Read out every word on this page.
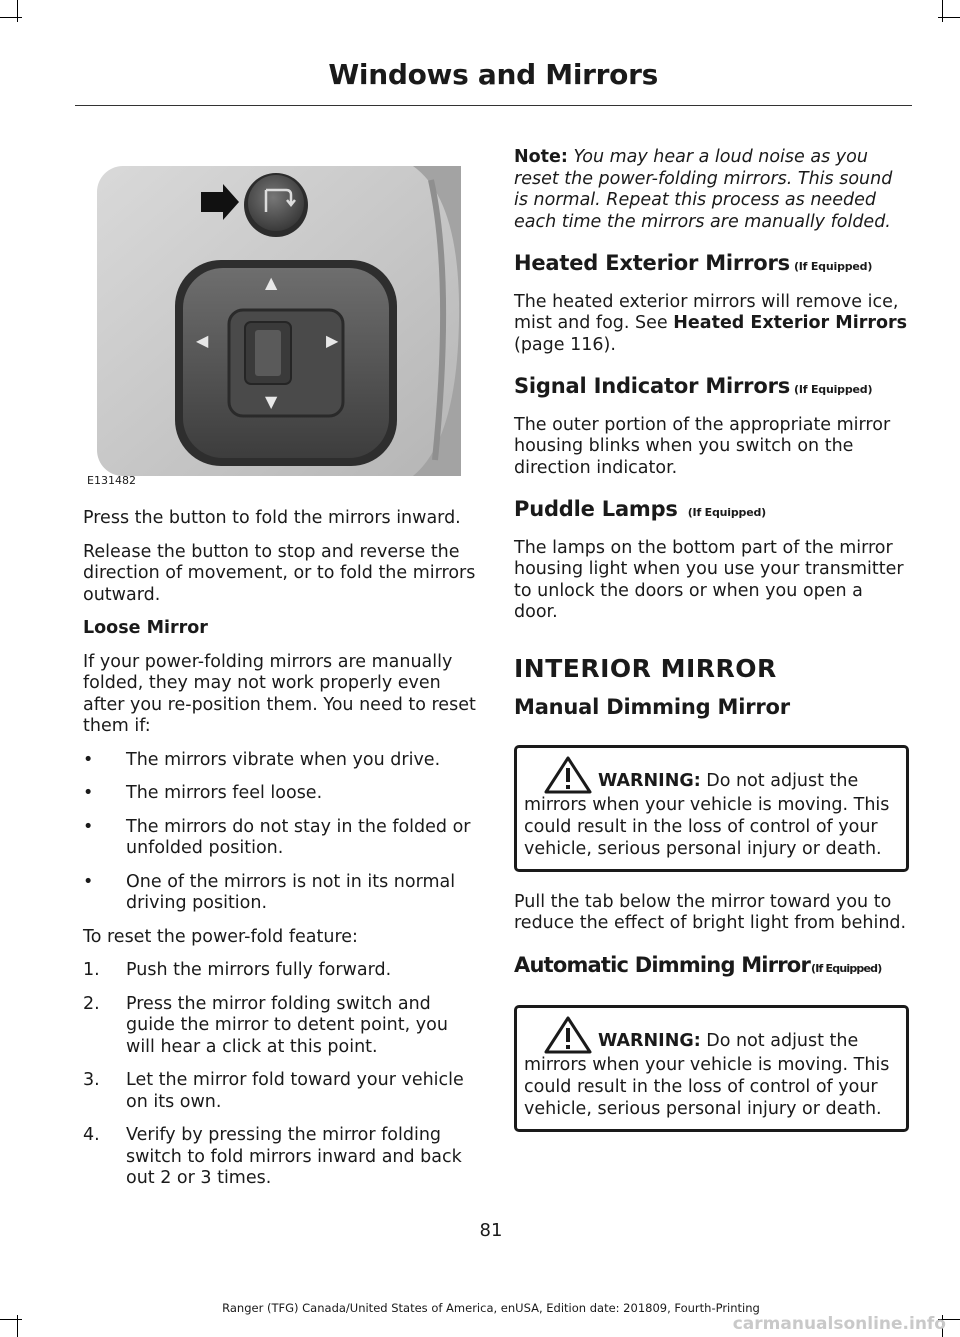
Windows and Mirrors
▲
▼
◀	▶
E131482

Press the button to fold the mirrors inward.

Release the button to stop and reverse the direction of movement, or to fold the mirrors outward.

Loose Mirror

If your power-folding mirrors are manually folded, they may not work properly even after you re-position them. You need to reset them if:

• The mirrors vibrate when you drive.
• The mirrors feel loose.
• The mirrors do not stay in the folded or unfolded position.
• One of the mirrors is not in its normal driving position.

To reset the power-fold feature:

1. Push the mirrors fully forward.
2. Press the mirror folding switch and guide the mirror to detent point, you will hear a click at this point.
3. Let the mirror fold toward your vehicle on its own.
4. Verify by pressing the mirror folding switch to fold mirrors inward and back out 2 or 3 times.

Note: You may hear a loud noise as you reset the power-folding mirrors. This sound is normal. Repeat this process as needed each time the mirrors are manually folded.

Heated Exterior Mirrors (If Equipped)

The heated exterior mirrors will remove ice, mist and fog. See Heated Exterior Mirrors (page 116).

Signal Indicator Mirrors (If Equipped)

The outer portion of the appropriate mirror housing blinks when you switch on the direction indicator.

Puddle Lamps (If Equipped)

The lamps on the bottom part of the mirror housing light when you use your transmitter to unlock the doors or when you open a door.

INTERIOR MIRROR
Manual Dimming Mirror
WARNING: Do not adjust the mirrors when your vehicle is moving. This could result in the loss of control of your vehicle, serious personal injury or death.

Pull the tab below the mirror toward you to reduce the effect of bright light from behind.

Automatic Dimming Mirror(If Equipped)
WARNING: Do not adjust the mirrors when your vehicle is moving. This could result in the loss of control of your vehicle, serious personal injury or death.
81
Ranger (TFG) Canada/United States of America, enUSA, Edition date: 201809, Fourth-Printing
carmanualsonline.info
